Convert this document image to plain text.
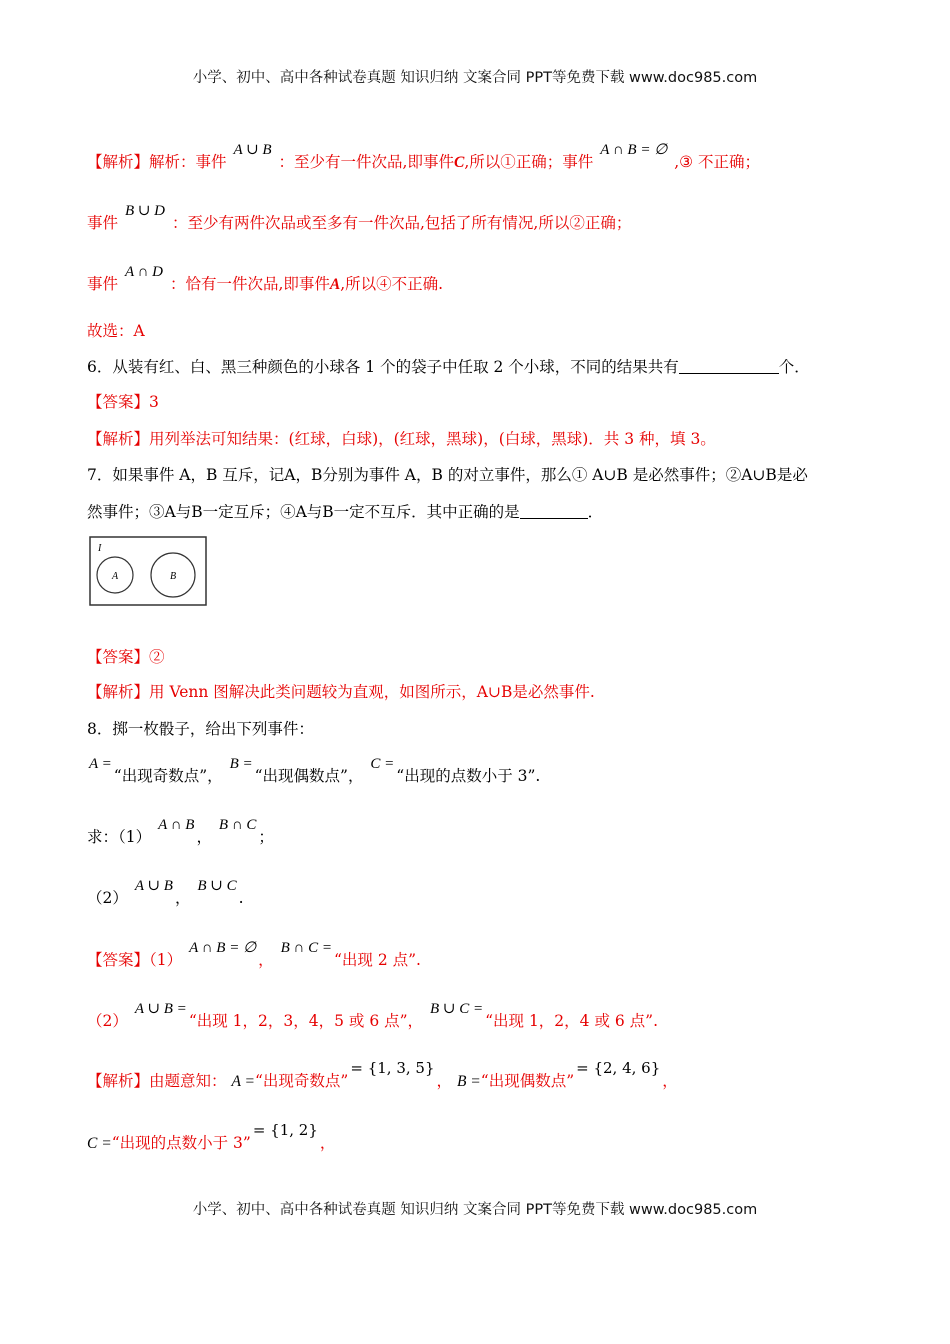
小学、初中、高中各种试卷真题 知识归纳 文案合同 PPT等免费下载 www.doc985.com
【解析】解析：事件 A ∪ B ：至少有一件次品,即事件C,所以①正确；事件 A ∩ B = ∅ ,③ 不正确；
事件 B ∪ D ：至少有两件次品或至多有一件次品,包括了所有情况,所以②正确；
事件 A ∩ D ：恰有一件次品,即事件A,所以④不正确.
故选：A
6．从装有红、白、黑三种颜色的小球各 1 个的袋子中任取 2 个小球，不同的结果共有	个．
【答案】3
【解析】用列举法可知结果：(红球，白球)，(红球，黑球)，(白球，黑球)．共 3 种，填 3。
7．如果事件 A，B 互斥，记A，B分别为事件 A，B 的对立事件，那么① A∪B 是必然事件；②A∪B是必
然事件；③A与B一定互斥；④A与B一定不互斥．其中正确的是	．
I
A	B
【答案】②
【解析】用 Venn 图解决此类问题较为直观，如图所示，A∪B是必然事件.
8．掷一枚骰子，给出下列事件：
A =“出现奇数点”， B =“出现偶数点”， C =“出现的点数小于 3”.
求：（1） A ∩ B， B ∩ C；
（2） A ∪ B， B ∪ C.
【答案】（1） A ∩ B = ∅， B ∩ C =“出现 2 点”.
（2） A ∪ B =“出现 1，2，3，4，5 或 6 点”， B ∪ C =“出现 1，2，4 或 6 点”.
【解析】由题意知： A =“出现奇数点”= {1, 3, 5}， B =“出现偶数点”= {2, 4, 6}，
C =“出现的点数小于 3”= {1, 2}，
小学、初中、高中各种试卷真题 知识归纳 文案合同 PPT等免费下载 www.doc985.com
